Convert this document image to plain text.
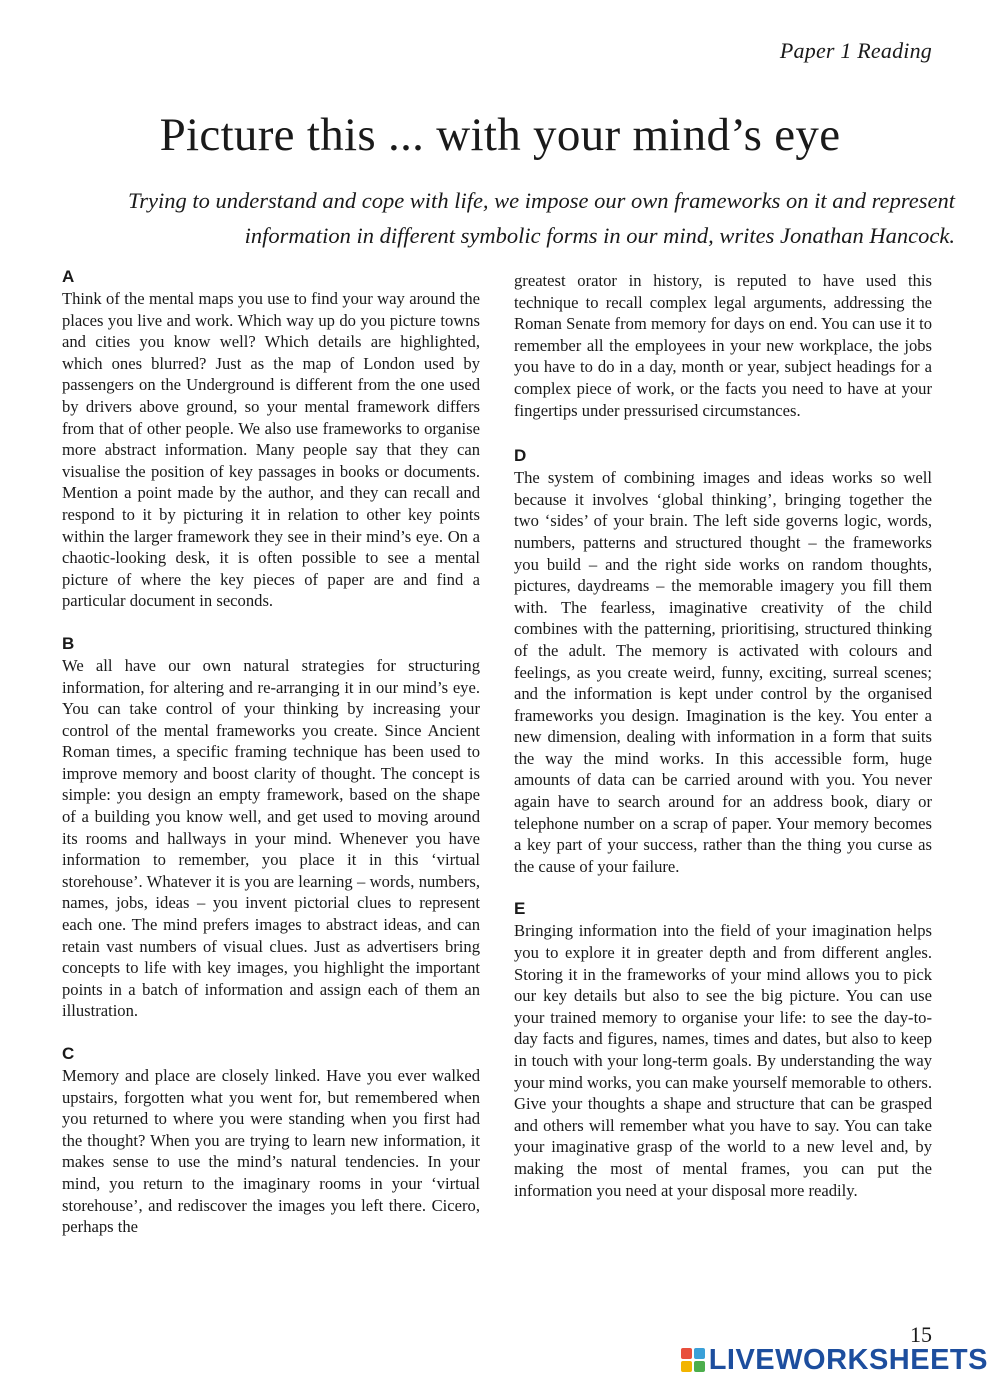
Paper 1 Reading
Picture this ... with your mind’s eye

Trying to understand and cope with life, we impose our own frameworks on it and represent information in different symbolic forms in our mind, writes Jonathan Hancock.

A

Think of the mental maps you use to find your way around the places you live and work. Which way up do you picture towns and cities you know well? Which details are highlighted, which ones blurred? Just as the map of London used by passengers on the Underground is different from the one used by drivers above ground, so your mental framework differs from that of other people. We also use frameworks to organise more abstract information. Many people say that they can visualise the position of key passages in books or documents. Mention a point made by the author, and they can recall and respond to it by picturing it in relation to other key points within the larger framework they see in their mind’s eye. On a chaotic-looking desk, it is often possible to see a mental picture of where the key pieces of paper are and find a particular document in seconds.

B

We all have our own natural strategies for structuring information, for altering and re-arranging it in our mind’s eye. You can take control of your thinking by increasing your control of the mental frameworks you create. Since Ancient Roman times, a specific framing technique has been used to improve memory and boost clarity of thought. The concept is simple: you design an empty framework, based on the shape of a building you know well, and get used to moving around its rooms and hallways in your mind. Whenever you have information to remember, you place it in this ‘virtual storehouse’. Whatever it is you are learning – words, numbers, names, jobs, ideas – you invent pictorial clues to represent each one. The mind prefers images to abstract ideas, and can retain vast numbers of visual clues. Just as advertisers bring concepts to life with key images, you highlight the important points in a batch of information and assign each of them an illustration.

C

Memory and place are closely linked. Have you ever walked upstairs, forgotten what you went for, but remembered when you returned to where you were standing when you first had the thought? When you are trying to learn new information, it makes sense to use the mind’s natural tendencies. In your mind, you return to the imaginary rooms in your ‘virtual storehouse’, and rediscover the images you left there. Cicero, perhaps the

greatest orator in history, is reputed to have used this technique to recall complex legal arguments, addressing the Roman Senate from memory for days on end. You can use it to remember all the employees in your new workplace, the jobs you have to do in a day, month or year, subject headings for a complex piece of work, or the facts you need to have at your fingertips under pressurised circumstances.

D

The system of combining images and ideas works so well because it involves ‘global thinking’, bringing together the two ‘sides’ of your brain. The left side governs logic, words, numbers, patterns and structured thought – the frameworks you build – and the right side works on random thoughts, pictures, daydreams – the memorable imagery you fill them with. The fearless, imaginative creativity of the child combines with the patterning, prioritising, structured thinking of the adult. The memory is activated with colours and feelings, as you create weird, funny, exciting, surreal scenes; and the information is kept under control by the organised frameworks you design. Imagination is the key. You enter a new dimension, dealing with information in a form that suits the way the mind works. In this accessible form, huge amounts of data can be carried around with you. You never again have to search around for an address book, diary or telephone number on a scrap of paper. Your memory becomes a key part of your success, rather than the thing you curse as the cause of your failure.

E

Bringing information into the field of your imagination helps you to explore it in greater depth and from different angles. Storing it in the frameworks of your mind allows you to pick our key details but also to see the big picture. You can use your trained memory to organise your life: to see the day-to-day facts and figures, names, times and dates, but also to keep in touch with your long-term goals. By understanding the way your mind works, you can make yourself memorable to others. Give your thoughts a shape and structure that can be grasped and others will remember what you have to say. You can take your imaginative grasp of the world to a new level and, by making the most of mental frames, you can put the information you need at your disposal more readily.

15
LIVEWORKSHEETS
